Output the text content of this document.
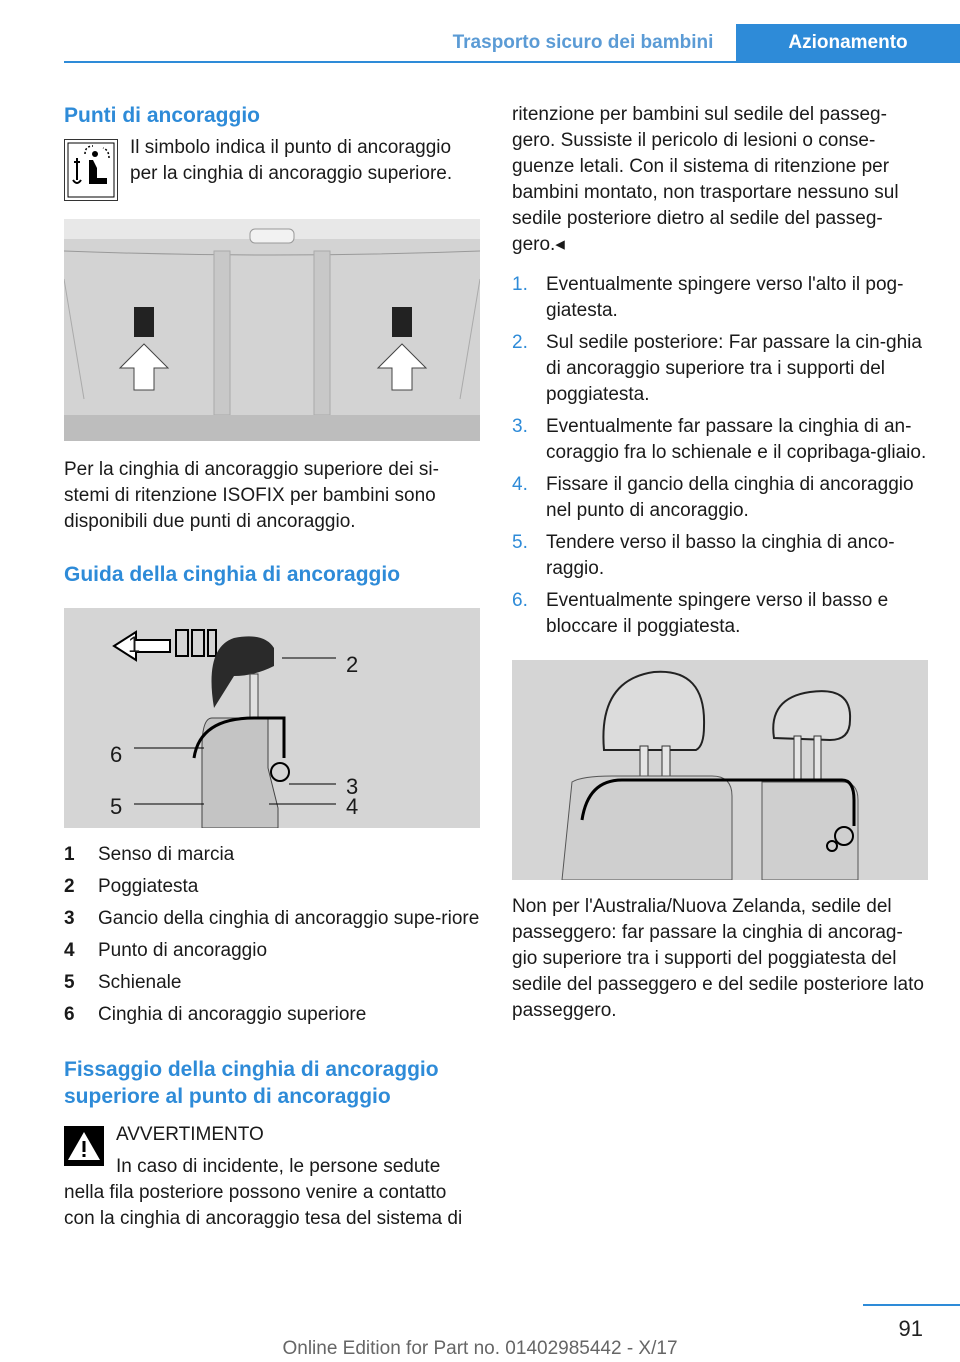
Trasporto sicuro dei bambini	Azionamento
Punti di ancoraggio

Il simbolo indica il punto di ancoraggio per la cinghia di ancoraggio superiore.

Per la cinghia di ancoraggio superiore dei si-stemi di ritenzione ISOFIX per bambini sono disponibili due punti di ancoraggio.

Guida della cinghia di ancoraggio
1
2
6
3
5	4
1	Senso di marcia
2	Poggiatesta
3	Gancio della cinghia di ancoraggio supe-riore
4	Punto di ancoraggio
5	Schienale
6	Cinghia di ancoraggio superiore
Fissaggio della cinghia di ancoraggio superiore al punto di ancoraggio

AVVERTIMENTO

In caso di incidente, le persone sedute nella fila posteriore possono venire a contatto con la cinghia di ancoraggio tesa del sistema di

ritenzione per bambini sul sedile del passeg-gero. Sussiste il pericolo di lesioni o conse-guenze letali. Con il sistema di ritenzione per bambini montato, non trasportare nessuno sul sedile posteriore dietro al sedile del passeg-gero.◂

1. Eventualmente spingere verso l'alto il pog-giatesta.
2. Sul sedile posteriore: Far passare la cin-ghia di ancoraggio superiore tra i supporti del poggiatesta.
3. Eventualmente far passare la cinghia di an-coraggio fra lo schienale e il copribaga-gliaio.
4. Fissare il gancio della cinghia di ancoraggio nel punto di ancoraggio.
5. Tendere verso il basso la cinghia di anco-raggio.
6. Eventualmente spingere verso il basso e bloccare il poggiatesta.

Non per l'Australia/Nuova Zelanda, sedile del passeggero: far passare la cinghia di ancorag-gio superiore tra i supporti del poggiatesta del sedile del passeggero e del sedile posteriore lato passeggero.

91
Online Edition for Part no. 01402985442 - X/17
